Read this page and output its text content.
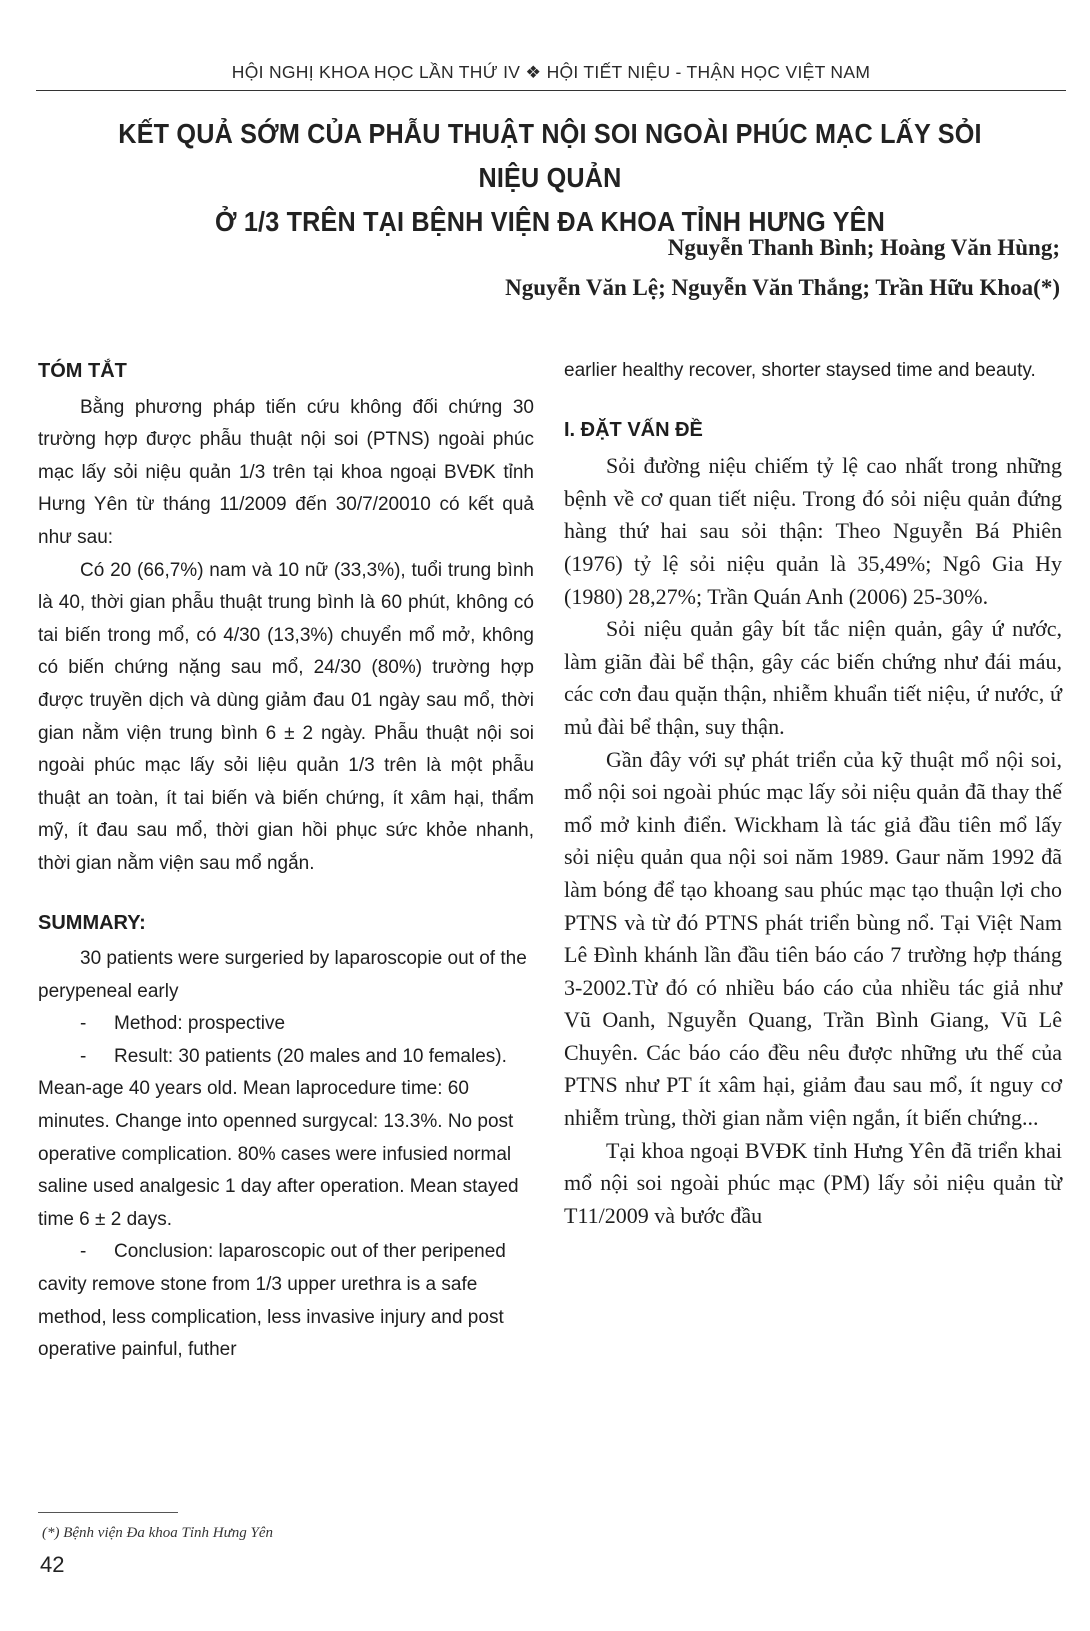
HỘI NGHỊ KHOA HỌC LẦN THỨ IV ❖ HỘI TIẾT NIỆU - THẬN HỌC VIỆT NAM
KẾT QUẢ SỚM CỦA PHẪU THUẬT NỘI SOI NGOÀI PHÚC MẠC LẤY SỎI NIỆU QUẢN
Ở 1/3 TRÊN TẠI BỆNH VIỆN ĐA KHOA TỈNH HƯNG YÊN
Nguyễn Thanh Bình; Hoàng Văn Hùng;
Nguyễn Văn Lệ; Nguyễn Văn Thắng; Trần Hữu Khoa(*)
TÓM TẮT

Bằng phương pháp tiến cứu không đối chứng 30 trường hợp được phẫu thuật nội soi (PTNS) ngoài phúc mạc lấy sỏi niệu quản 1/3 trên tại khoa ngoại BVĐK tỉnh Hưng Yên từ tháng 11/2009 đến 30/7/20010 có kết quả như sau:

Có 20 (66,7%) nam và 10 nữ (33,3%), tuổi trung bình là 40, thời gian phẫu thuật trung bình là 60 phút, không có tai biến trong mổ, có 4/30 (13,3%) chuyển mổ mở, không có biến chứng nặng sau mổ, 24/30 (80%) trường hợp được truyền dịch và dùng giảm đau 01 ngày sau mổ, thời gian nằm viện trung bình 6 ± 2 ngày. Phẫu thuật nội soi ngoài phúc mạc lấy sỏi liệu quản 1/3 trên là một phẫu thuật an toàn, ít tai biến và biến chứng, ít xâm hại, thẩm mỹ, ít đau sau mổ, thời gian hồi phục sức khỏe nhanh, thời gian nằm viện sau mổ ngắn.

SUMMARY:

30 patients were surgeried by laparoscopie out of the perypeneal early

- Method: prospective

- Result: 30 patients (20 males and 10 females). Mean-age 40 years old. Mean laprocedure time: 60 minutes. Change into openned surgycal: 13.3%. No post operative complication. 80% cases were infusied normal saline used analgesic 1 day after operation. Mean stayed time 6 ± 2 days.

- Conclusion: laparoscopic out of ther peripened cavity remove stone from 1/3 upper urethra is a safe method, less complication, less invasive injury and post operative painful, futher

earlier healthy recover, shorter staysed time and beauty.

I. ĐẶT VẤN ĐỀ

Sỏi đường niệu chiếm tỷ lệ cao nhất trong những bệnh về cơ quan tiết niệu. Trong đó sỏi niệu quản đứng hàng thứ hai sau sỏi thận: Theo Nguyễn Bá Phiên (1976) tỷ lệ sỏi niệu quản là 35,49%; Ngô Gia Hy (1980) 28,27%; Trần Quán Anh (2006) 25-30%.

Sỏi niệu quản gây bít tắc niện quản, gây ứ nước, làm giãn đài bể thận, gây các biến chứng như đái máu, các cơn đau quặn thận, nhiễm khuẩn tiết niệu, ứ nước, ứ mủ đài bể thận, suy thận.

Gần đây với sự phát triển của kỹ thuật mổ nội soi, mổ nội soi ngoài phúc mạc lấy sỏi niệu quản đã thay thế mổ mở kinh điển. Wickham là tác giả đầu tiên mổ lấy sỏi niệu quản qua nội soi năm 1989. Gaur năm 1992 đã làm bóng để tạo khoang sau phúc mạc tạo thuận lợi cho PTNS và từ đó PTNS phát triển bùng nổ. Tại Việt Nam Lê Đình khánh lần đầu tiên báo cáo 7 trường hợp tháng 3-2002.Từ đó có nhiều báo cáo của nhiều tác giả như Vũ Oanh, Nguyễn Quang, Trần Bình Giang, Vũ Lê Chuyên. Các báo cáo đều nêu được những ưu thế của PTNS như PT ít xâm hại, giảm đau sau mổ, ít nguy cơ nhiễm trùng, thời gian nằm viện ngắn, ít biến chứng...

Tại khoa ngoại BVĐK tỉnh Hưng Yên đã triển khai mổ nội soi ngoài phúc mạc (PM) lấy sỏi niệu quản từ T11/2009 và bước đầu

(*) Bệnh viện Đa khoa Tỉnh Hưng Yên
42
